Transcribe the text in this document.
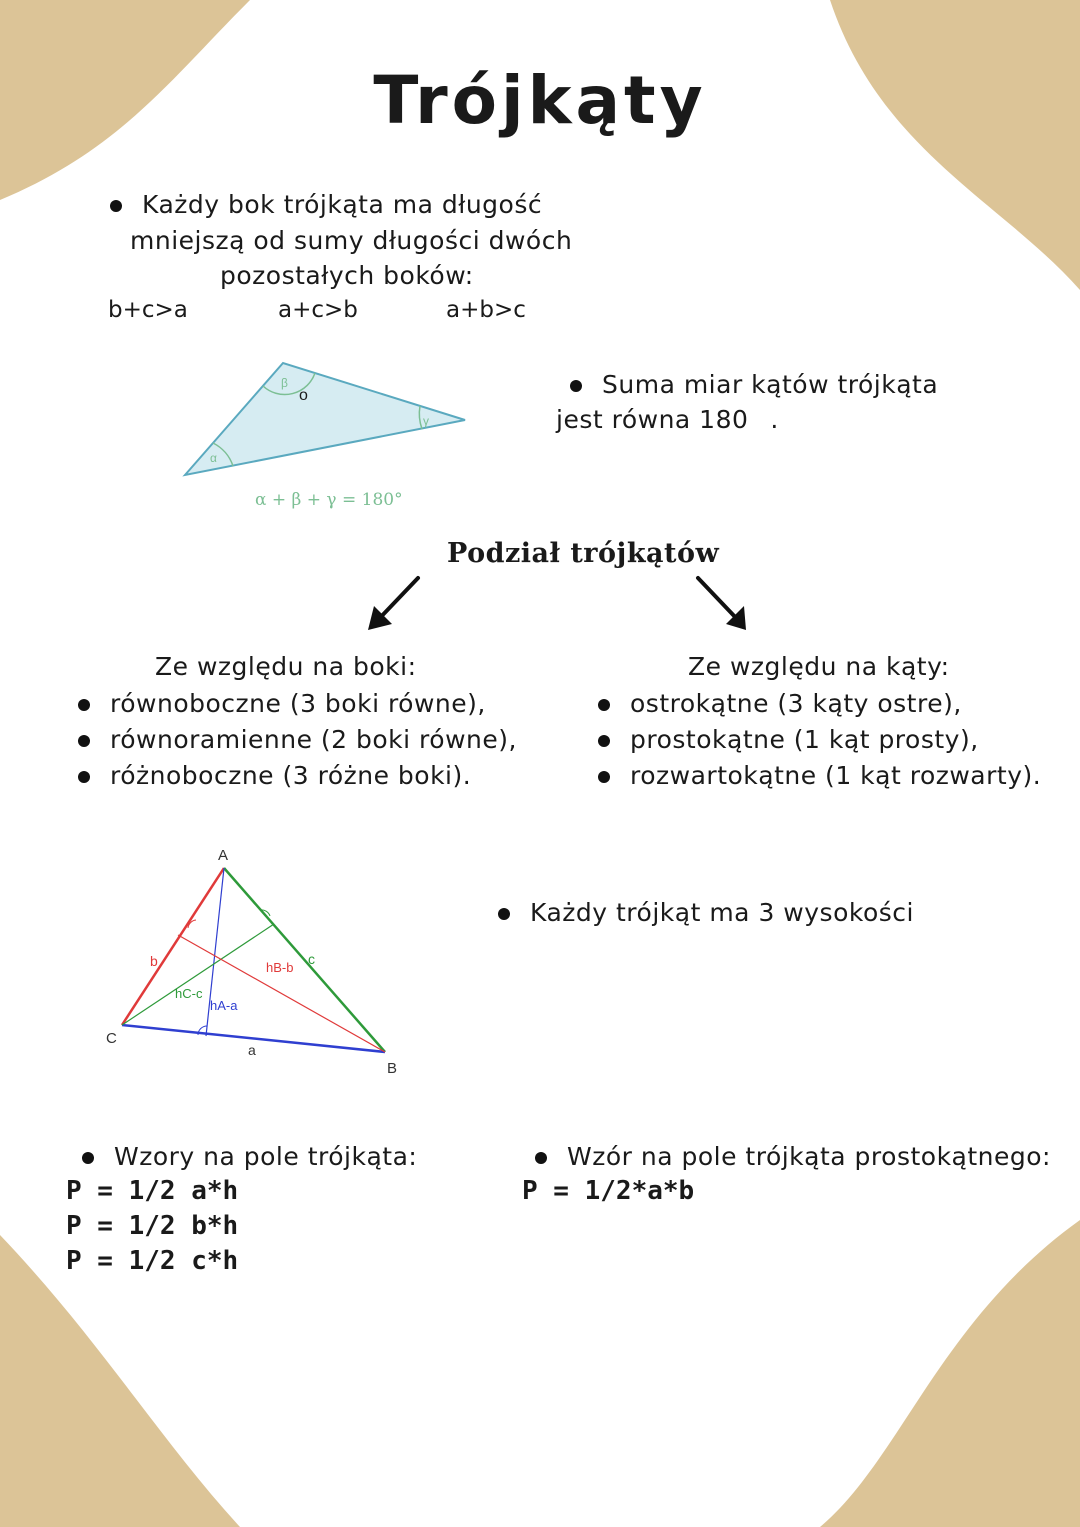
Trójkąty
Każdy bok trójkąta ma długość
mniejszą od sumy długości dwóch
pozostałych boków:
b+c>a	a+c>b	a+b>c
α
β
γ
o
α + β + γ = 180°
Suma miar kątów trójkąta
jest równa 180 .
Podział trójkątów
Ze względu na boki:
równoboczne (3 boki równe),
równoramienne (2 boki równe),
różnoboczne (3 różne boki).
Ze względu na kąty:
ostrokątne (3 kąty ostre),
prostokątne (1 kąt prosty),
rozwartokątne (1 kąt rozwarty).
A
B
C
a
b	c
hC-c
hA-a
hB-b
Każdy trójkąt ma 3 wysokości
Wzory na pole trójkąta:
P = 1/2 a*h
P = 1/2 b*h
P = 1/2 c*h
Wzór na pole trójkąta prostokątnego:
P = 1/2*a*b
